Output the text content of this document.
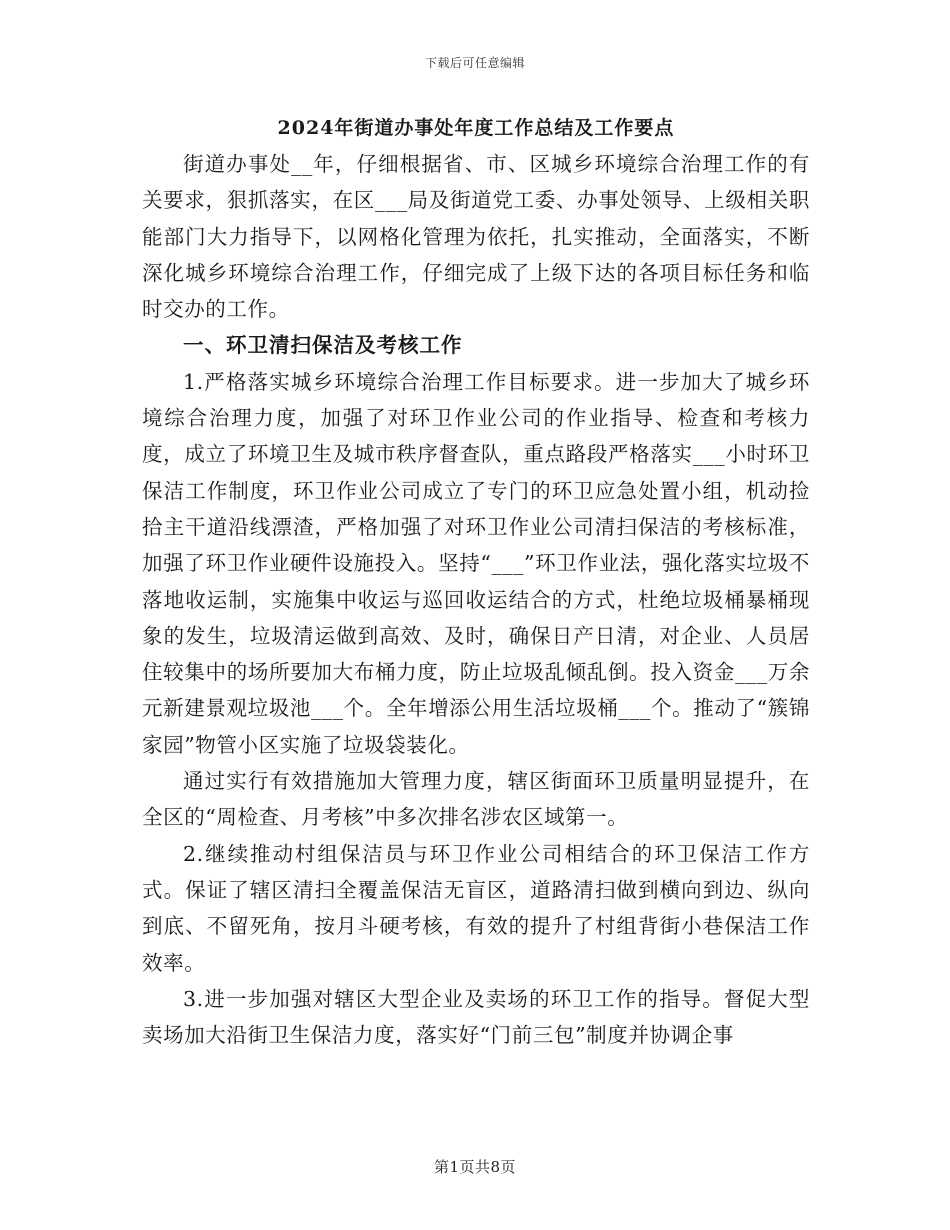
下载后可任意编辑
2024年街道办事处年度工作总结及工作要点

街道办事处__年，仔细根据省、市、区城乡环境综合治理工作的有关要求，狠抓落实，在区___局及街道党工委、办事处领导、上级相关职能部门大力指导下，以网格化管理为依托，扎实推动，全面落实，不断深化城乡环境综合治理工作，仔细完成了上级下达的各项目标任务和临时交办的工作。

一、环卫清扫保洁及考核工作

1.严格落实城乡环境综合治理工作目标要求。进一步加大了城乡环境综合治理力度，加强了对环卫作业公司的作业指导、检查和考核力度，成立了环境卫生及城市秩序督查队，重点路段严格落实___小时环卫保洁工作制度，环卫作业公司成立了专门的环卫应急处置小组，机动捡拾主干道沿线漂渣，严格加强了对环卫作业公司清扫保洁的考核标准，加强了环卫作业硬件设施投入。坚持“___”环卫作业法，强化落实垃圾不落地收运制，实施集中收运与巡回收运结合的方式，杜绝垃圾桶暴桶现象的发生，垃圾清运做到高效、及时，确保日产日清，对企业、人员居住较集中的场所要加大布桶力度，防止垃圾乱倾乱倒。投入资金___万余元新建景观垃圾池___个。全年增添公用生活垃圾桶___个。推动了“簇锦家园”物管小区实施了垃圾袋装化。

通过实行有效措施加大管理力度，辖区街面环卫质量明显提升，在全区的“周检查、月考核”中多次排名涉农区域第一。

2.继续推动村组保洁员与环卫作业公司相结合的环卫保洁工作方式。保证了辖区清扫全覆盖保洁无盲区，道路清扫做到横向到边、纵向到底、不留死角，按月斗硬考核，有效的提升了村组背街小巷保洁工作效率。

3.进一步加强对辖区大型企业及卖场的环卫工作的指导。督促大型卖场加大沿街卫生保洁力度，落实好“门前三包”制度并协调企事

第1页共8页
